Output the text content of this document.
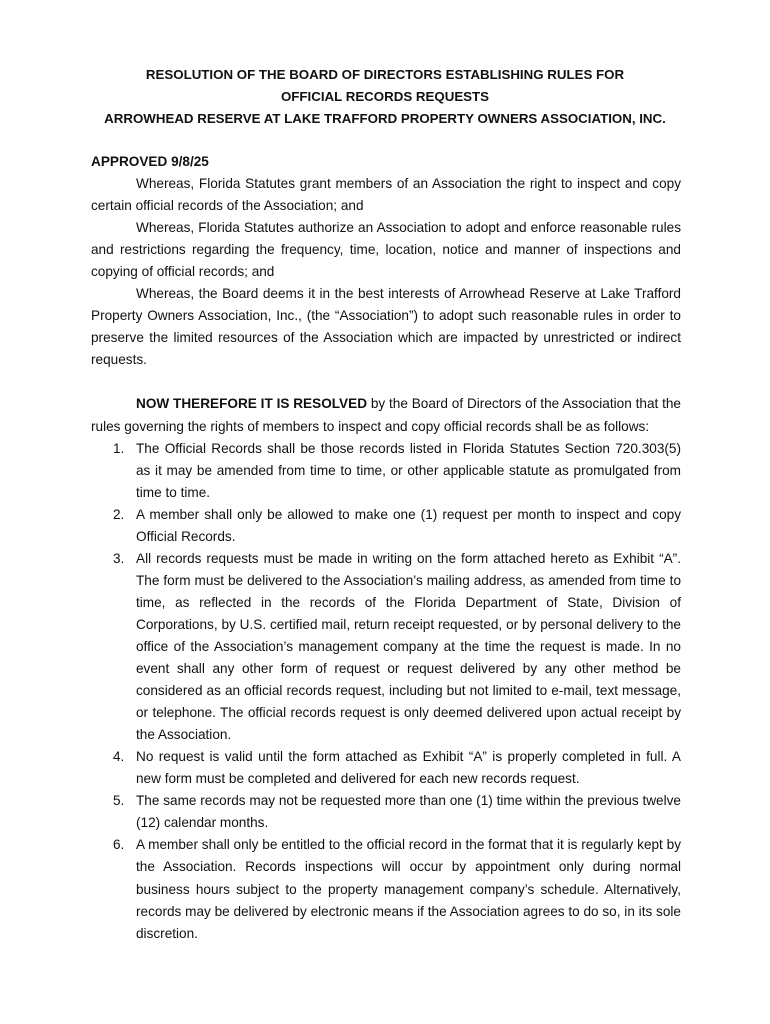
RESOLUTION OF THE BOARD OF DIRECTORS ESTABLISHING RULES FOR
OFFICIAL RECORDS REQUESTS
ARROWHEAD RESERVE AT LAKE TRAFFORD PROPERTY OWNERS ASSOCIATION, INC.

APPROVED 9/8/25

Whereas, Florida Statutes grant members of an Association the right to inspect and copy certain official records of the Association; and

Whereas, Florida Statutes authorize an Association to adopt and enforce reasonable rules and restrictions regarding the frequency, time, location, notice and manner of inspections and copying of official records; and

Whereas, the Board deems it in the best interests of Arrowhead Reserve at Lake Trafford Property Owners Association, Inc., (the “Association”) to adopt such reasonable rules in order to preserve the limited resources of the Association which are impacted by unrestricted or indirect requests.

NOW THEREFORE IT IS RESOLVED by the Board of Directors of the Association that the rules governing the rights of members to inspect and copy official records shall be as follows:

1. The Official Records shall be those records listed in Florida Statutes Section 720.303(5) as it may be amended from time to time, or other applicable statute as promulgated from time to time.
2. A member shall only be allowed to make one (1) request per month to inspect and copy Official Records.
3. All records requests must be made in writing on the form attached hereto as Exhibit “A”. The form must be delivered to the Association’s mailing address, as amended from time to time, as reflected in the records of the Florida Department of State, Division of Corporations, by U.S. certified mail, return receipt requested, or by personal delivery to the office of the Association’s management company at the time the request is made. In no event shall any other form of request or request delivered by any other method be considered as an official records request, including but not limited to e-mail, text message, or telephone. The official records request is only deemed delivered upon actual receipt by the Association.
4. No request is valid until the form attached as Exhibit “A” is properly completed in full. A new form must be completed and delivered for each new records request.
5. The same records may not be requested more than one (1) time within the previous twelve (12) calendar months.
6. A member shall only be entitled to the official record in the format that it is regularly kept by the Association. Records inspections will occur by appointment only during normal business hours subject to the property management company’s schedule. Alternatively, records may be delivered by electronic means if the Association agrees to do so, in its sole discretion.
